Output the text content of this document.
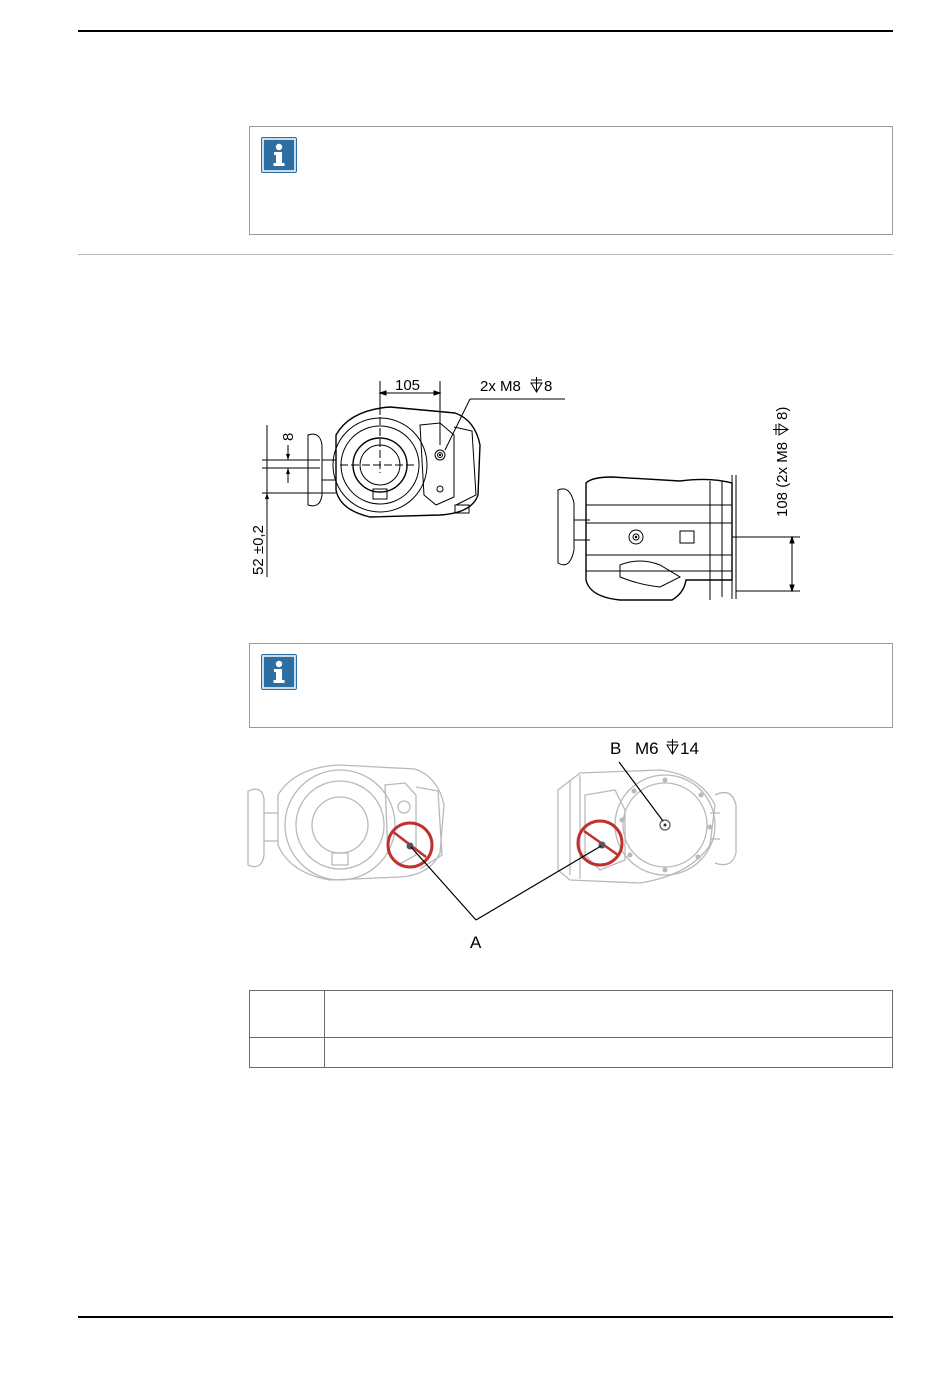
105	2x M8 8
8
52 ±0,2
108 (2x M8
8)
A
B M6 14
